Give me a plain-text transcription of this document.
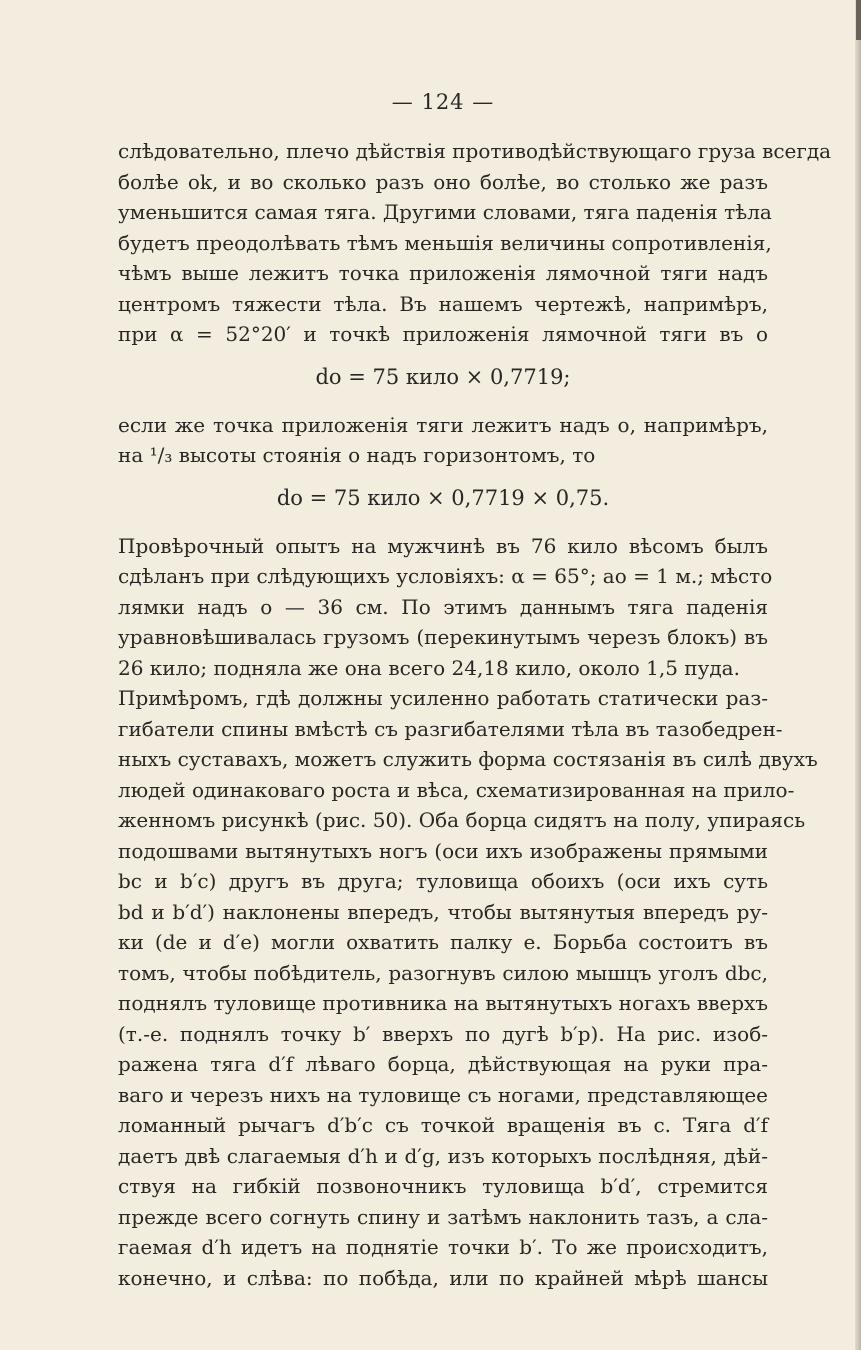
— 124 —
слѣдовательно, плечо дѣйствія противодѣйствующаго груза всегда
болѣе ok, и во сколько разъ оно болѣе, во столько же разъ
уменьшится самая тяга. Другими словами, тяга паденія тѣла
будетъ преодолѣвать тѣмъ меньшія величины сопротивленія,
чѣмъ выше лежитъ точка приложенія лямочной тяги надъ
центромъ тяжести тѣла. Въ нашемъ чертежѣ, напримѣръ,
при α = 52°20′ и точкѣ приложенія лямочной тяги въ o
do = 75 кило × 0,7719;
если же точка приложенія тяги лежитъ надъ o, напримѣръ,
на ¹/₃ высоты стоянія o надъ горизонтомъ, то
do = 75 кило × 0,7719 × 0,75.
Провѣрочный опытъ на мужчинѣ въ 76 кило вѣсомъ былъ
сдѣланъ при слѣдующихъ условіяхъ: α = 65°; ao = 1 м.; мѣсто
лямки надъ o — 36 см. По этимъ даннымъ тяга паденія
уравновѣшивалась грузомъ (перекинутымъ черезъ блокъ) въ
26 кило; подняла же она всего 24,18 кило, около 1,5 пуда.
Примѣромъ, гдѣ должны усиленно работать статически раз-
гибатели спины вмѣстѣ съ разгибателями тѣла въ тазобедрен-
ныхъ суставахъ, можетъ служить форма состязанія въ силѣ двухъ
людей одинаковаго роста и вѣса, схематизированная на прило-
женномъ рисункѣ (рис. 50). Оба борца сидятъ на полу, упираясь
подошвами вытянутыхъ ногъ (оси ихъ изображены прямыми
bc и b′c) другъ въ друга; туловища обоихъ (оси ихъ суть
bd и b′d′) наклонены впередъ, чтобы вытянутыя впередъ ру-
ки (de и d′e) могли охватить палку e. Борьба состоитъ въ
томъ, чтобы побѣдитель, разогнувъ силою мышцъ уголъ dbc,
поднялъ туловище противника на вытянутыхъ ногахъ вверхъ
(т.-е. поднялъ точку b′ вверхъ по дугѣ b′p). На рис. изоб-
ражена тяга d′f лѣваго борца, дѣйствующая на руки пра-
ваго и черезъ нихъ на туловище съ ногами, представляющее
ломанный рычагъ d′b′c съ точкой вращенія въ c. Тяга d′f
даетъ двѣ слагаемыя d′h и d′g, изъ которыхъ послѣдняя, дѣй-
ствуя на гибкій позвоночникъ туловища b′d′, стремится
прежде всего согнуть спину и затѣмъ наклонить тазъ, а сла-
гаемая d′h идетъ на поднятіе точки b′. То же происходитъ,
конечно, и слѣва: по побѣда, или по крайней мѣрѣ шансы
